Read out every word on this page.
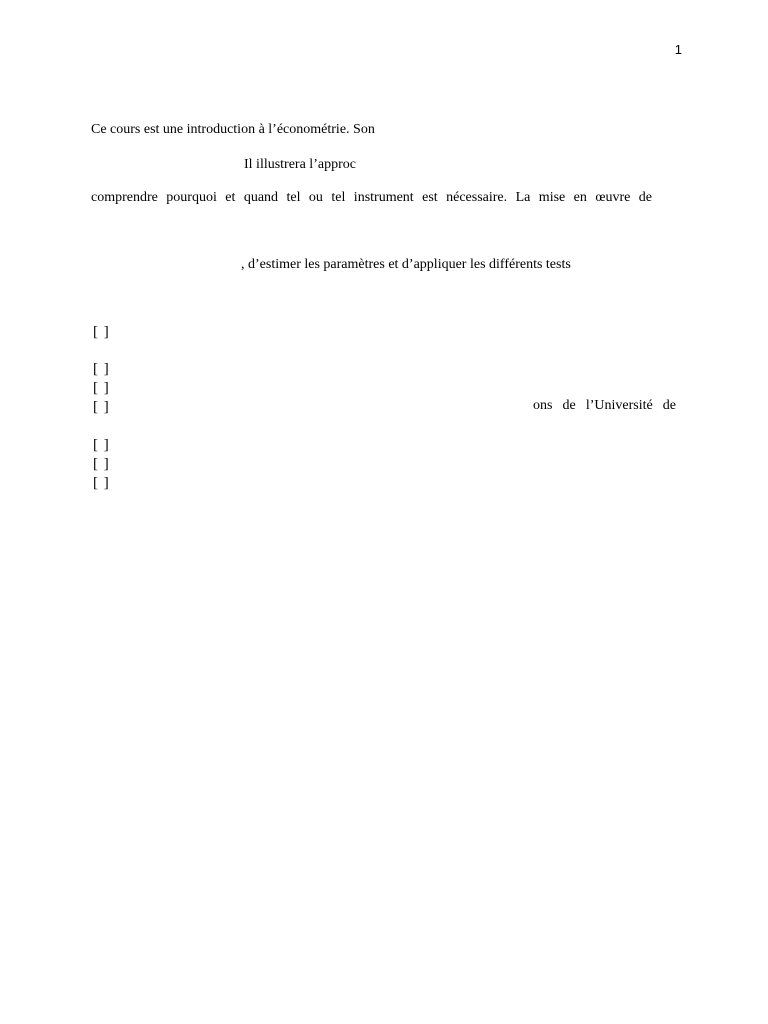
1
Ce cours est une introduction à l’économétrie. Son
Il illustrera l’approc
comprendre pourquoi et quand tel ou tel instrument est nécessaire. La mise en œuvre de
, d’estimer les paramètres et d’appliquer les différents tests
[ ]
[ ]
[ ]
[ ]	ons de l’Université de
[ ]
[ ]
[ ]
